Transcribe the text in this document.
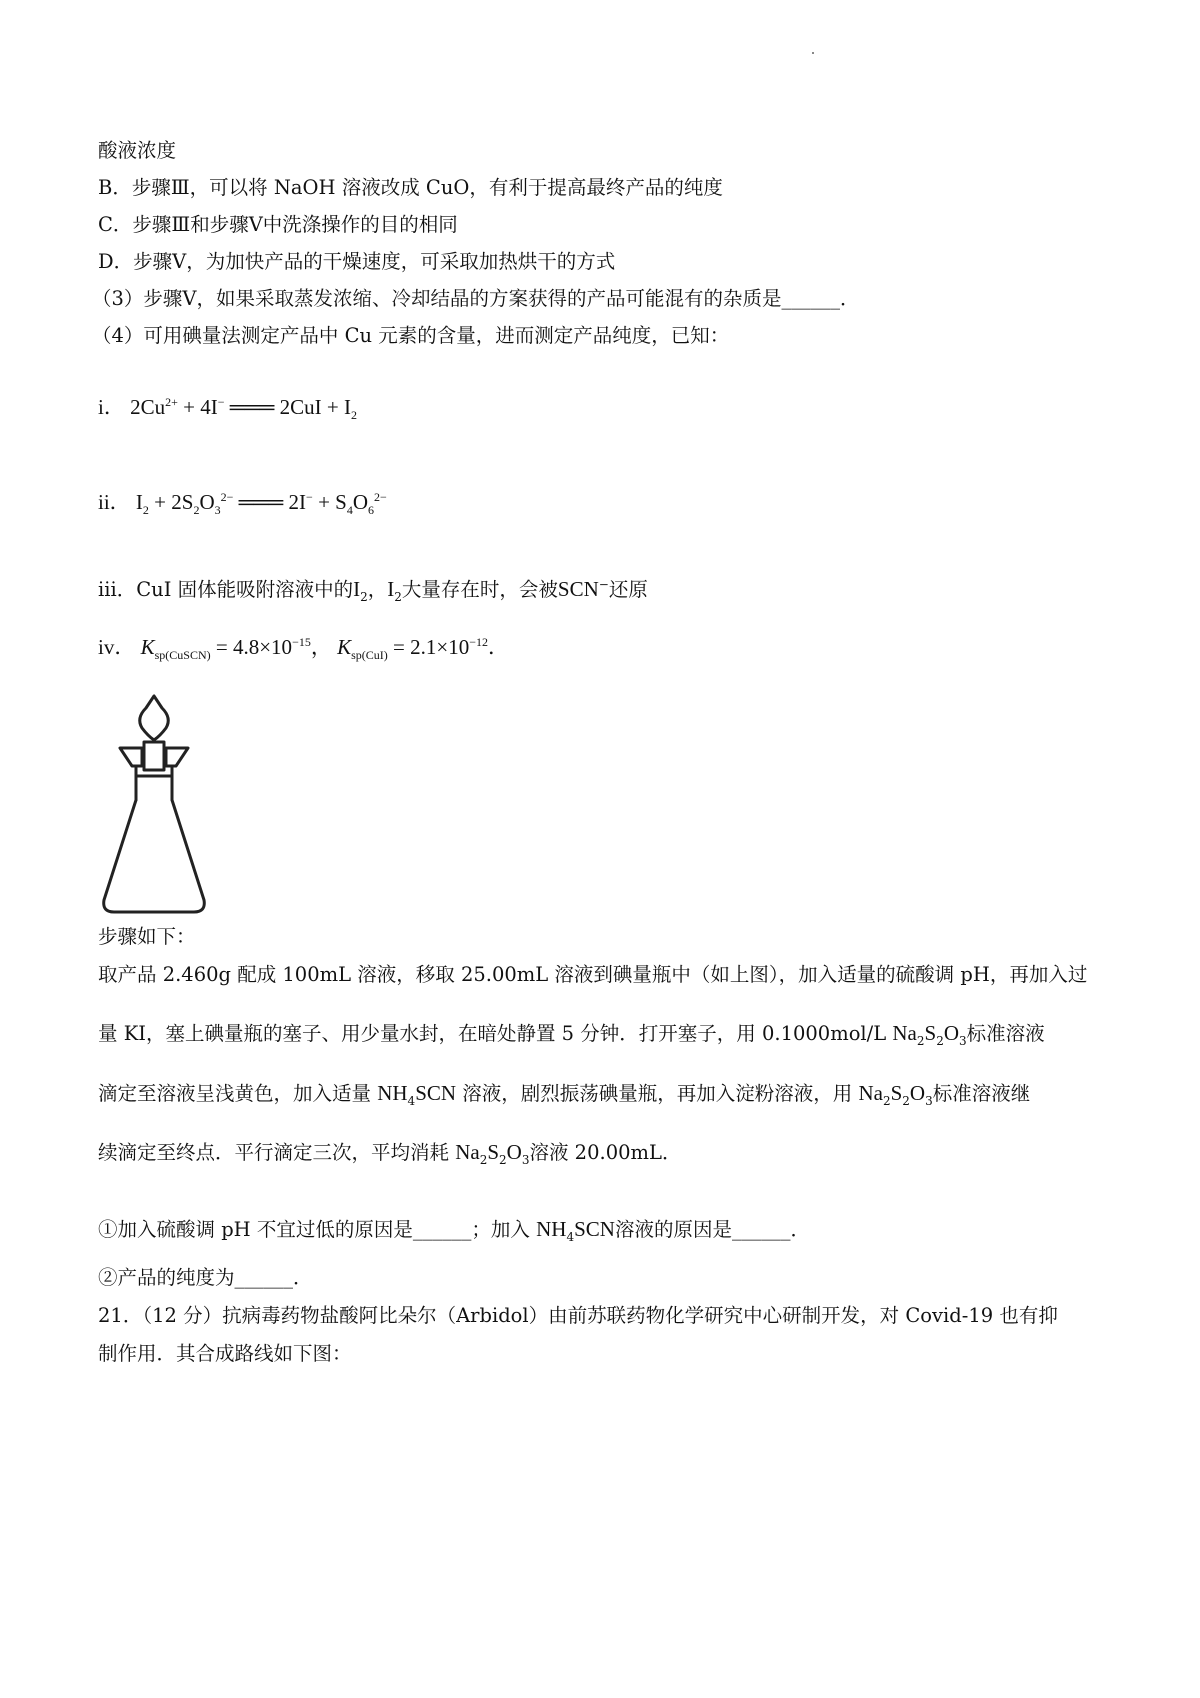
酸液浓度
B．步骤Ⅲ，可以将 NaOH 溶液改成 CuO，有利于提高最终产品的纯度
C．步骤Ⅲ和步骤Ⅴ中洗涤操作的目的相同
D．步骤Ⅴ，为加快产品的干燥速度，可采取加热烘干的方式
（3）步骤Ⅴ，如果采取蒸发浓缩、冷却结晶的方案获得的产品可能混有的杂质是______．
（4）可用碘量法测定产品中 Cu 元素的含量，进而测定产品纯度，已知：
i． $2Cu^{2+} + 4I^-$ ═══ $2CuI + I_2$
ii． $I_2 + 2S_2O_3^{2-}$ ═══ $2I^- + S_4O_6^{2-}$
iii．CuI 固体能吸附溶液中的$I_2$，$I_2$大量存在时，会被SCN−还原
iv． $K_{sp(CuSCN)} = 4.8\times 10^{-15}$， $K_{sp(CuI)} = 2.1\times 10^{-12}$．
步骤如下：
取产品 2.460g 配成 100mL 溶液，移取 25.00mL 溶液到碘量瓶中（如上图），加入适量的硫酸调 pH，再加入过
量 KI，塞上碘量瓶的塞子、用少量水封，在暗处静置 5 分钟．打开塞子，用 0.1000mol/L $Na_2S_2O_3$标准溶液
滴定至溶液呈浅黄色，加入适量 $NH_4SCN$ 溶液，剧烈振荡碘量瓶，再加入淀粉溶液，用 $Na_2S_2O_3$标准溶液继
续滴定至终点．平行滴定三次，平均消耗 $Na_2S_2O_3$溶液 20.00mL．
①加入硫酸调 pH 不宜过低的原因是______；加入 $NH_4SCN$溶液的原因是______．
②产品的纯度为______．
21．（12 分）抗病毒药物盐酸阿比朵尔（Arbidol）由前苏联药物化学研究中心研制开发，对 Covid-19 也有抑
制作用．其合成路线如下图：
